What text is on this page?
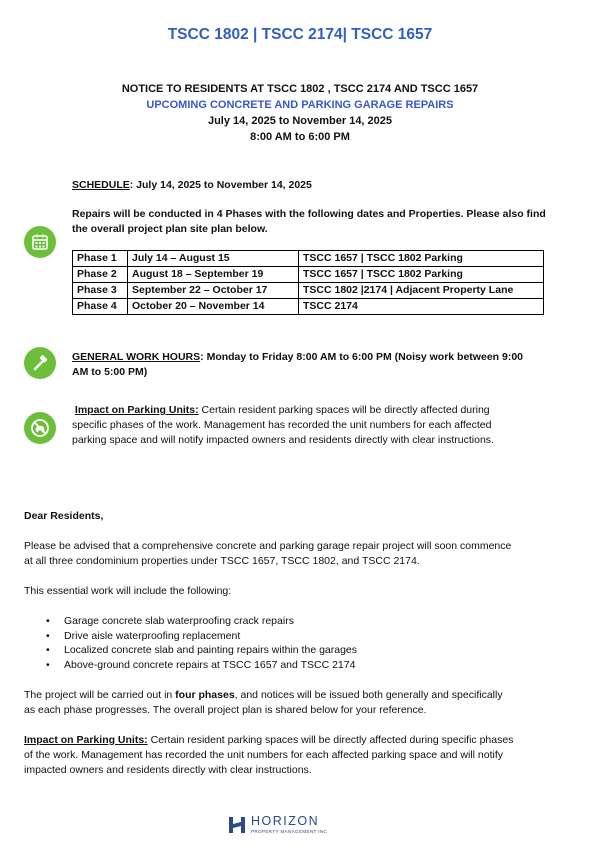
TSCC 1802 | TSCC 2174| TSCC 1657
NOTICE TO RESIDENTS AT TSCC 1802 , TSCC 2174 AND TSCC 1657
UPCOMING CONCRETE AND PARKING GARAGE REPAIRS
July 14, 2025 to November 14, 2025
8:00 AM to 6:00 PM
SCHEDULE: July 14, 2025 to November 14, 2025
Repairs will be conducted in 4 Phases with the following dates and Properties. Please also find
the overall project plan site plan below.
Phase 1	July 14 – August 15	TSCC 1657 | TSCC 1802 Parking
Phase 2	August 18 – September 19	TSCC 1657 | TSCC 1802 Parking
Phase 3	September 22 – October 17	TSCC 1802 |2174 | Adjacent Property Lane
Phase 4	October 20 – November 14	TSCC 2174
GENERAL WORK HOURS: Monday to Friday 8:00 AM to 6:00 PM (Noisy work between 9:00
AM to 5:00 PM)
Impact on Parking Units: Certain resident parking spaces will be directly affected during
specific phases of the work. Management has recorded the unit numbers for each affected
parking space and will notify impacted owners and residents directly with clear instructions.
Dear Residents,
Please be advised that a comprehensive concrete and parking garage repair project will soon commence
at all three condominium properties under TSCC 1657, TSCC 1802, and TSCC 2174.
This essential work will include the following:
• Garage concrete slab waterproofing crack repairs
• Drive aisle waterproofing replacement
• Localized concrete slab and painting repairs within the garages
• Above-ground concrete repairs at TSCC 1657 and TSCC 2174
The project will be carried out in four phases, and notices will be issued both generally and specifically
as each phase progresses. The overall project plan is shared below for your reference.
Impact on Parking Units: Certain resident parking spaces will be directly affected during specific phases
of the work. Management has recorded the unit numbers for each affected parking space and will notify
impacted owners and residents directly with clear instructions.
HORIZON
PROPERTY MANAGEMENT INC
